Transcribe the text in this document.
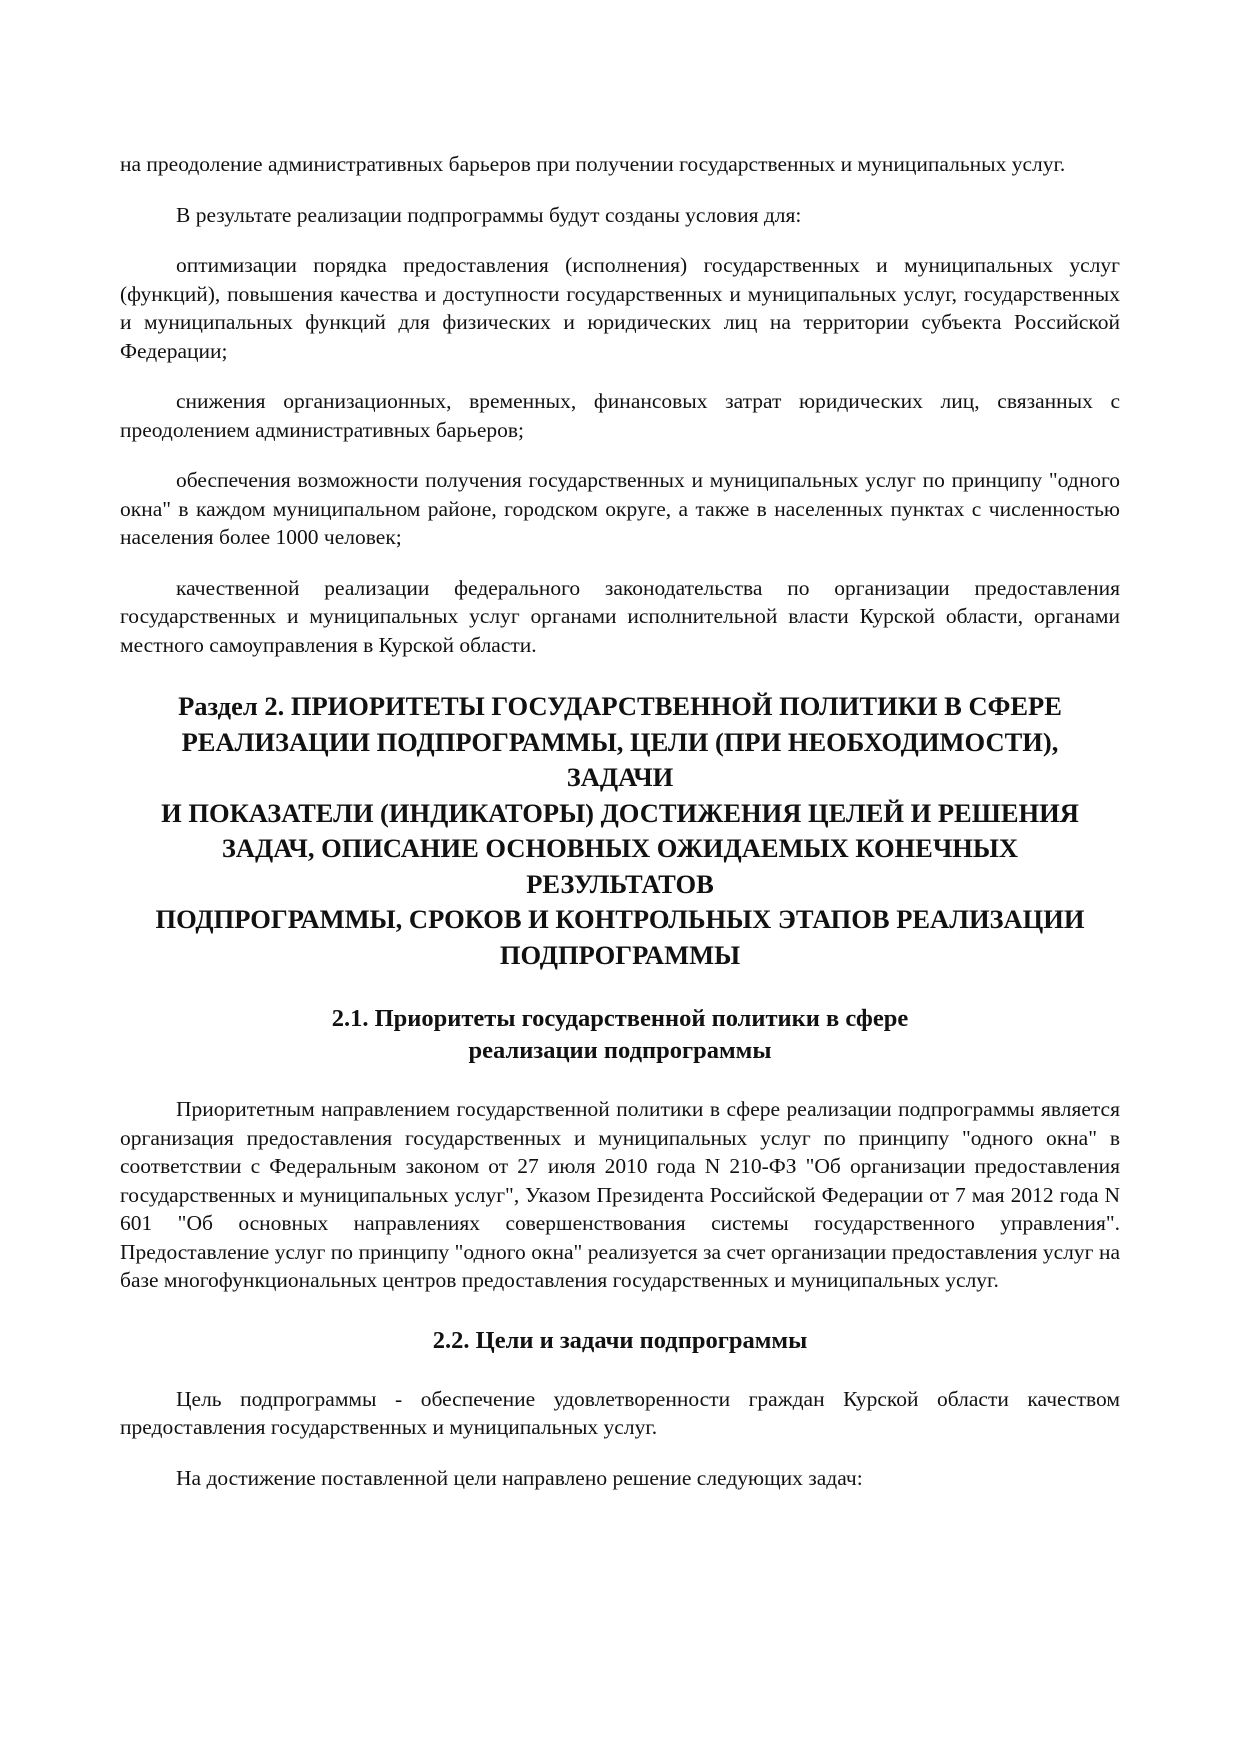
на преодоление административных барьеров при получении государственных и муниципальных услуг.

В результате реализации подпрограммы будут созданы условия для:

оптимизации порядка предоставления (исполнения) государственных и муниципальных услуг (функций), повышения качества и доступности государственных и муниципальных услуг, государственных и муниципальных функций для физических и юридических лиц на территории субъекта Российской Федерации;

снижения организационных, временных, финансовых затрат юридических лиц, связанных с преодолением административных барьеров;

обеспечения возможности получения государственных и муниципальных услуг по принципу "одного окна" в каждом муниципальном районе, городском округе, а также в населенных пунктах с численностью населения более 1000 человек;

качественной реализации федерального законодательства по организации предоставления государственных и муниципальных услуг органами исполнительной власти Курской области, органами местного самоуправления в Курской области.

Раздел 2. ПРИОРИТЕТЫ ГОСУДАРСТВЕННОЙ ПОЛИТИКИ В СФЕРЕ
РЕАЛИЗАЦИИ ПОДПРОГРАММЫ, ЦЕЛИ (ПРИ НЕОБХОДИМОСТИ),
ЗАДАЧИ
И ПОКАЗАТЕЛИ (ИНДИКАТОРЫ) ДОСТИЖЕНИЯ ЦЕЛЕЙ И РЕШЕНИЯ
ЗАДАЧ, ОПИСАНИЕ ОСНОВНЫХ ОЖИДАЕМЫХ КОНЕЧНЫХ
РЕЗУЛЬТАТОВ
ПОДПРОГРАММЫ, СРОКОВ И КОНТРОЛЬНЫХ ЭТАПОВ РЕАЛИЗАЦИИ
ПОДПРОГРАММЫ
2.1. Приоритеты государственной политики в сфере
реализации подпрограммы

Приоритетным направлением государственной политики в сфере реализации подпрограммы является организация предоставления государственных и муниципальных услуг по принципу "одного окна" в соответствии с Федеральным законом от 27 июля 2010 года N 210-ФЗ "Об организации предоставления государственных и муниципальных услуг", Указом Президента Российской Федерации от 7 мая 2012 года N 601 "Об основных направлениях совершенствования системы государственного управления". Предоставление услуг по принципу "одного окна" реализуется за счет организации предоставления услуг на базе многофункциональных центров предоставления государственных и муниципальных услуг.

2.2. Цели и задачи подпрограммы

Цель подпрограммы - обеспечение удовлетворенности граждан Курской области качеством предоставления государственных и муниципальных услуг.

На достижение поставленной цели направлено решение следующих задач:
